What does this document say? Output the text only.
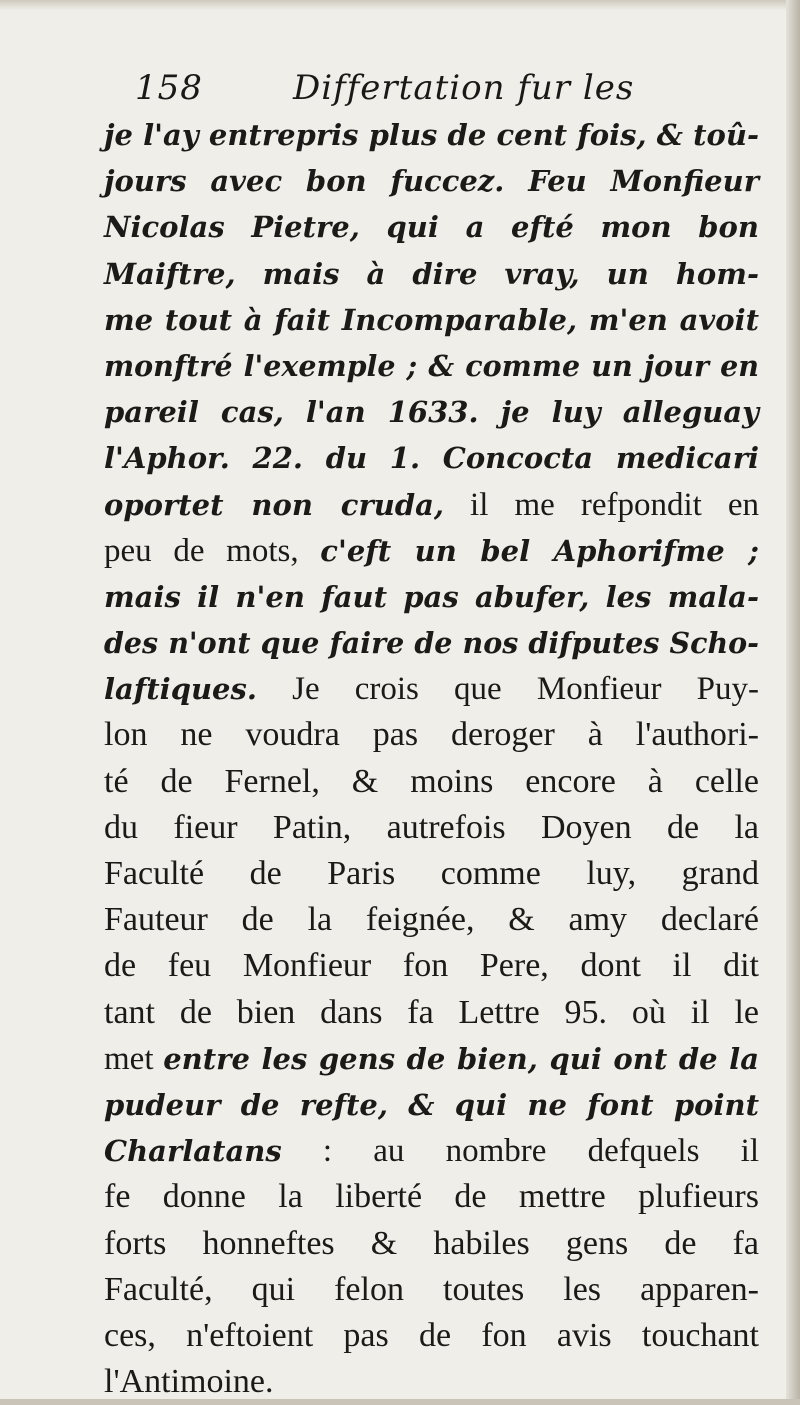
158	Differtation fur les
je l'ay entrepris plus de cent fois, & toû-
jours avec bon fuccez. Feu Monfieur
Nicolas Pietre, qui a efté mon bon
Maiftre, mais à dire vray, un hom-
me tout à fait Incomparable, m'en avoit
monftré l'exemple ; & comme un jour en
pareil cas, l'an 1633. je luy alleguay
l'Aphor. 22. du 1. Concocta medicari
oportet non cruda, il me refpondit en
peu de mots, c'eft un bel Aphorifme ;
mais il n'en faut pas abufer, les mala-
des n'ont que faire de nos difputes Scho-
laftiques. Je crois que Monfieur Puy-
lon ne voudra pas deroger à l'authori-
té de Fernel, & moins encore à celle
du fieur Patin, autrefois Doyen de la
Faculté de Paris comme luy, grand
Fauteur de la feignée, & amy declaré
de feu Monfieur fon Pere, dont il dit
tant de bien dans fa Lettre 95. où il le
met entre les gens de bien, qui ont de la
pudeur de refte, & qui ne font point
Charlatans : au nombre defquels il
fe donne la liberté de mettre plufieurs
forts honneftes & habiles gens de fa
Faculté, qui felon toutes les apparen-
ces, n'eftoient pas de fon avis touchant
l'Antimoine.
